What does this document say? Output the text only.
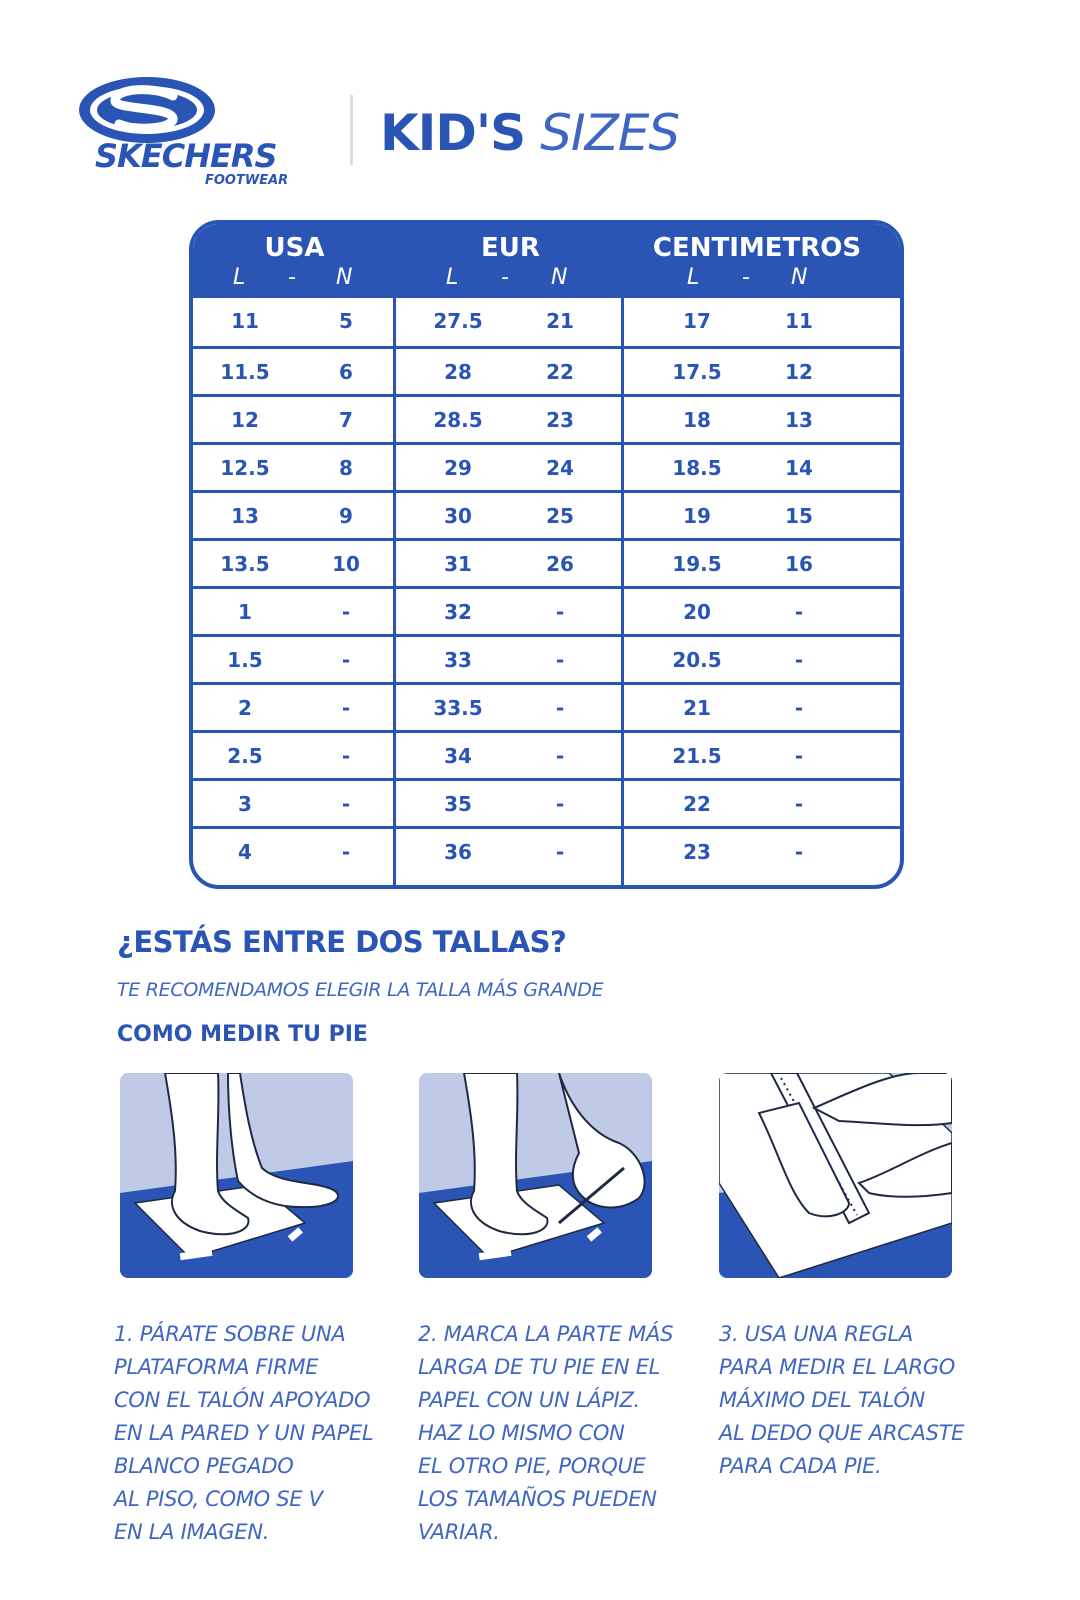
SKECHERS
FOOTWEAR
KID'S SIZES
USA
L - N
EUR
L - N
CENTIMETROS
L - N
11	5	27.5	21	17	11
11.5	6	28	22	17.5	12
12	7	28.5	23	18	13
12.5	8	29	24	18.5	14
13	9	30	25	19	15
13.5	10	31	26	19.5	16
1	-	32	-	20	-
1.5	-	33	-	20.5	-
2	-	33.5	-	21	-
2.5	-	34	-	21.5	-
3	-	35	-	22	-
4	-	36	-	23	-
¿ESTÁS ENTRE DOS TALLAS?
TE RECOMENDAMOS ELEGIR LA TALLA MÁS GRANDE
COMO MEDIR TU PIE
1. PÁRATE SOBRE UNA
PLATAFORMA FIRME
CON EL TALÓN APOYADO
EN LA PARED Y UN PAPEL
BLANCO PEGADO
AL PISO, COMO SE V
EN LA IMAGEN.
2. MARCA LA PARTE MÁS
LARGA DE TU PIE EN EL
PAPEL CON UN LÁPIZ.
HAZ LO MISMO CON
EL OTRO PIE, PORQUE
LOS TAMAÑOS PUEDEN
VARIAR.
3. USA UNA REGLA
PARA MEDIR EL LARGO
MÁXIMO DEL TALÓN
AL DEDO QUE ARCASTE
PARA CADA PIE.
